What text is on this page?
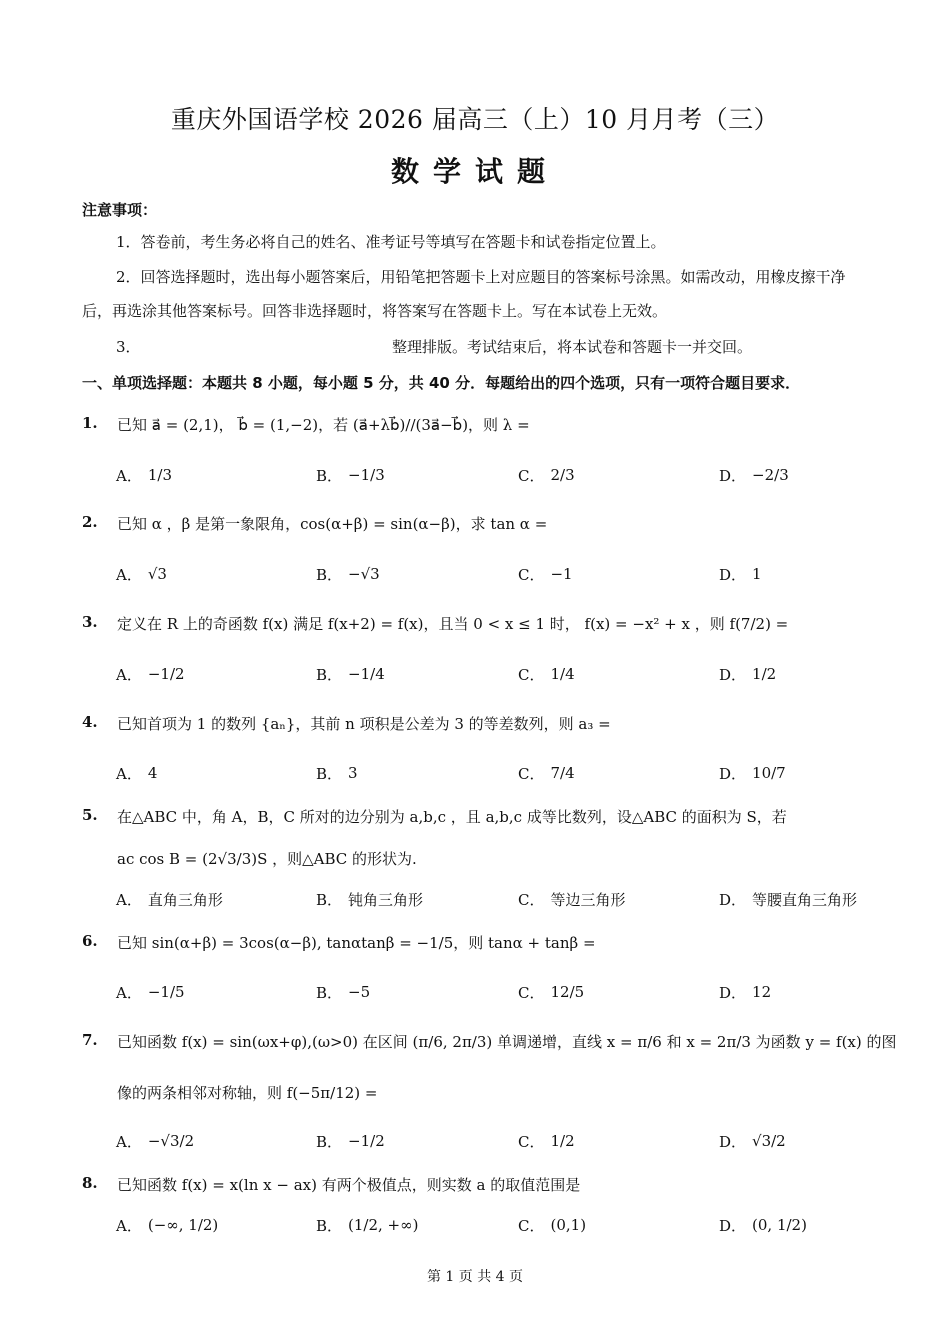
重庆外国语学校 2026 届高三（上）10 月月考（三）
数学试题
注意事项：
1．答卷前，考生务必将自己的姓名、准考证号等填写在答题卡和试卷指定位置上。
2．回答选择题时，选出每小题答案后，用铅笔把答题卡上对应题目的答案标号涂黑。如需改动，用橡皮擦干净后，再选涂其他答案标号。回答非选择题时，将答案写在答题卡上。写在本试卷上无效。
3．	整理排版。考试结束后，将本试卷和答题卡一并交回。
一、单项选择题：本题共 8 小题，每小题 5 分，共 40 分．每题给出的四个选项，只有一项符合题目要求．
1. 已知 a⃗ = (2,1)， b⃗ = (1,−2)，若 (a⃗+λb⃗)//(3a⃗−b⃗)，则 λ =
A． 1/3	B． −1/3	C． 2/3	D． −2/3
2. 已知 α ，β 是第一象限角，cos(α+β) = sin(α−β)，求 tan α =
A． √3	B． −√3	C． −1	D． 1
3. 定义在 R 上的奇函数 f(x) 满足 f(x+2) = f(x)，且当 0 < x ≤ 1 时， f(x) = −x² + x ，则 f(7/2) =
A． −1/2	B． −1/4	C． 1/4	D． 1/2
4. 已知首项为 1 的数列 {aₙ}，其前 n 项积是公差为 3 的等差数列，则 a₃ =
A． 4	B． 3	C． 7/4	D． 10/7
5. 在△ABC 中，角 A，B，C 所对的边分别为 a,b,c ，且 a,b,c 成等比数列，设△ABC 的面积为 S，若
ac cos B = (2√3/3)S ，则△ABC 的形状为.
A． 直角三角形	B． 钝角三角形	C． 等边三角形	D． 等腰直角三角形
6. 已知 sin(α+β) = 3cos(α−β), tanαtanβ = −1/5，则 tanα + tanβ =
A． −1/5	B． −5	C． 12/5	D． 12
7. 已知函数 f(x) = sin(ωx+φ),(ω>0) 在区间 (π/6, 2π/3) 单调递增，直线 x = π/6 和 x = 2π/3 为函数 y = f(x) 的图
像的两条相邻对称轴，则 f(−5π/12) =
A． −√3/2	B． −1/2	C． 1/2	D． √3/2
8. 已知函数 f(x) = x(ln x − ax) 有两个极值点，则实数 a 的取值范围是
A． (−∞, 1/2)	B． (1/2, +∞)	C． (0,1)	D． (0, 1/2)
第 1 页 共 4 页
